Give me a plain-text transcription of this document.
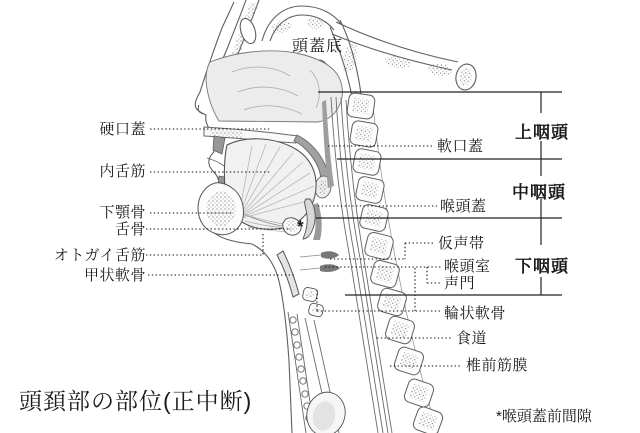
頭蓋底
硬口蓋
内舌筋
下顎骨
舌骨
オトガイ舌筋
甲状軟骨
軟口蓋
喉頭蓋
仮声帯
喉頭室
声門
輪状軟骨
食道
椎前筋膜
上咽頭
中咽頭
下咽頭
*
頭頚部の部位(正中断)
*喉頭蓋前間隙
